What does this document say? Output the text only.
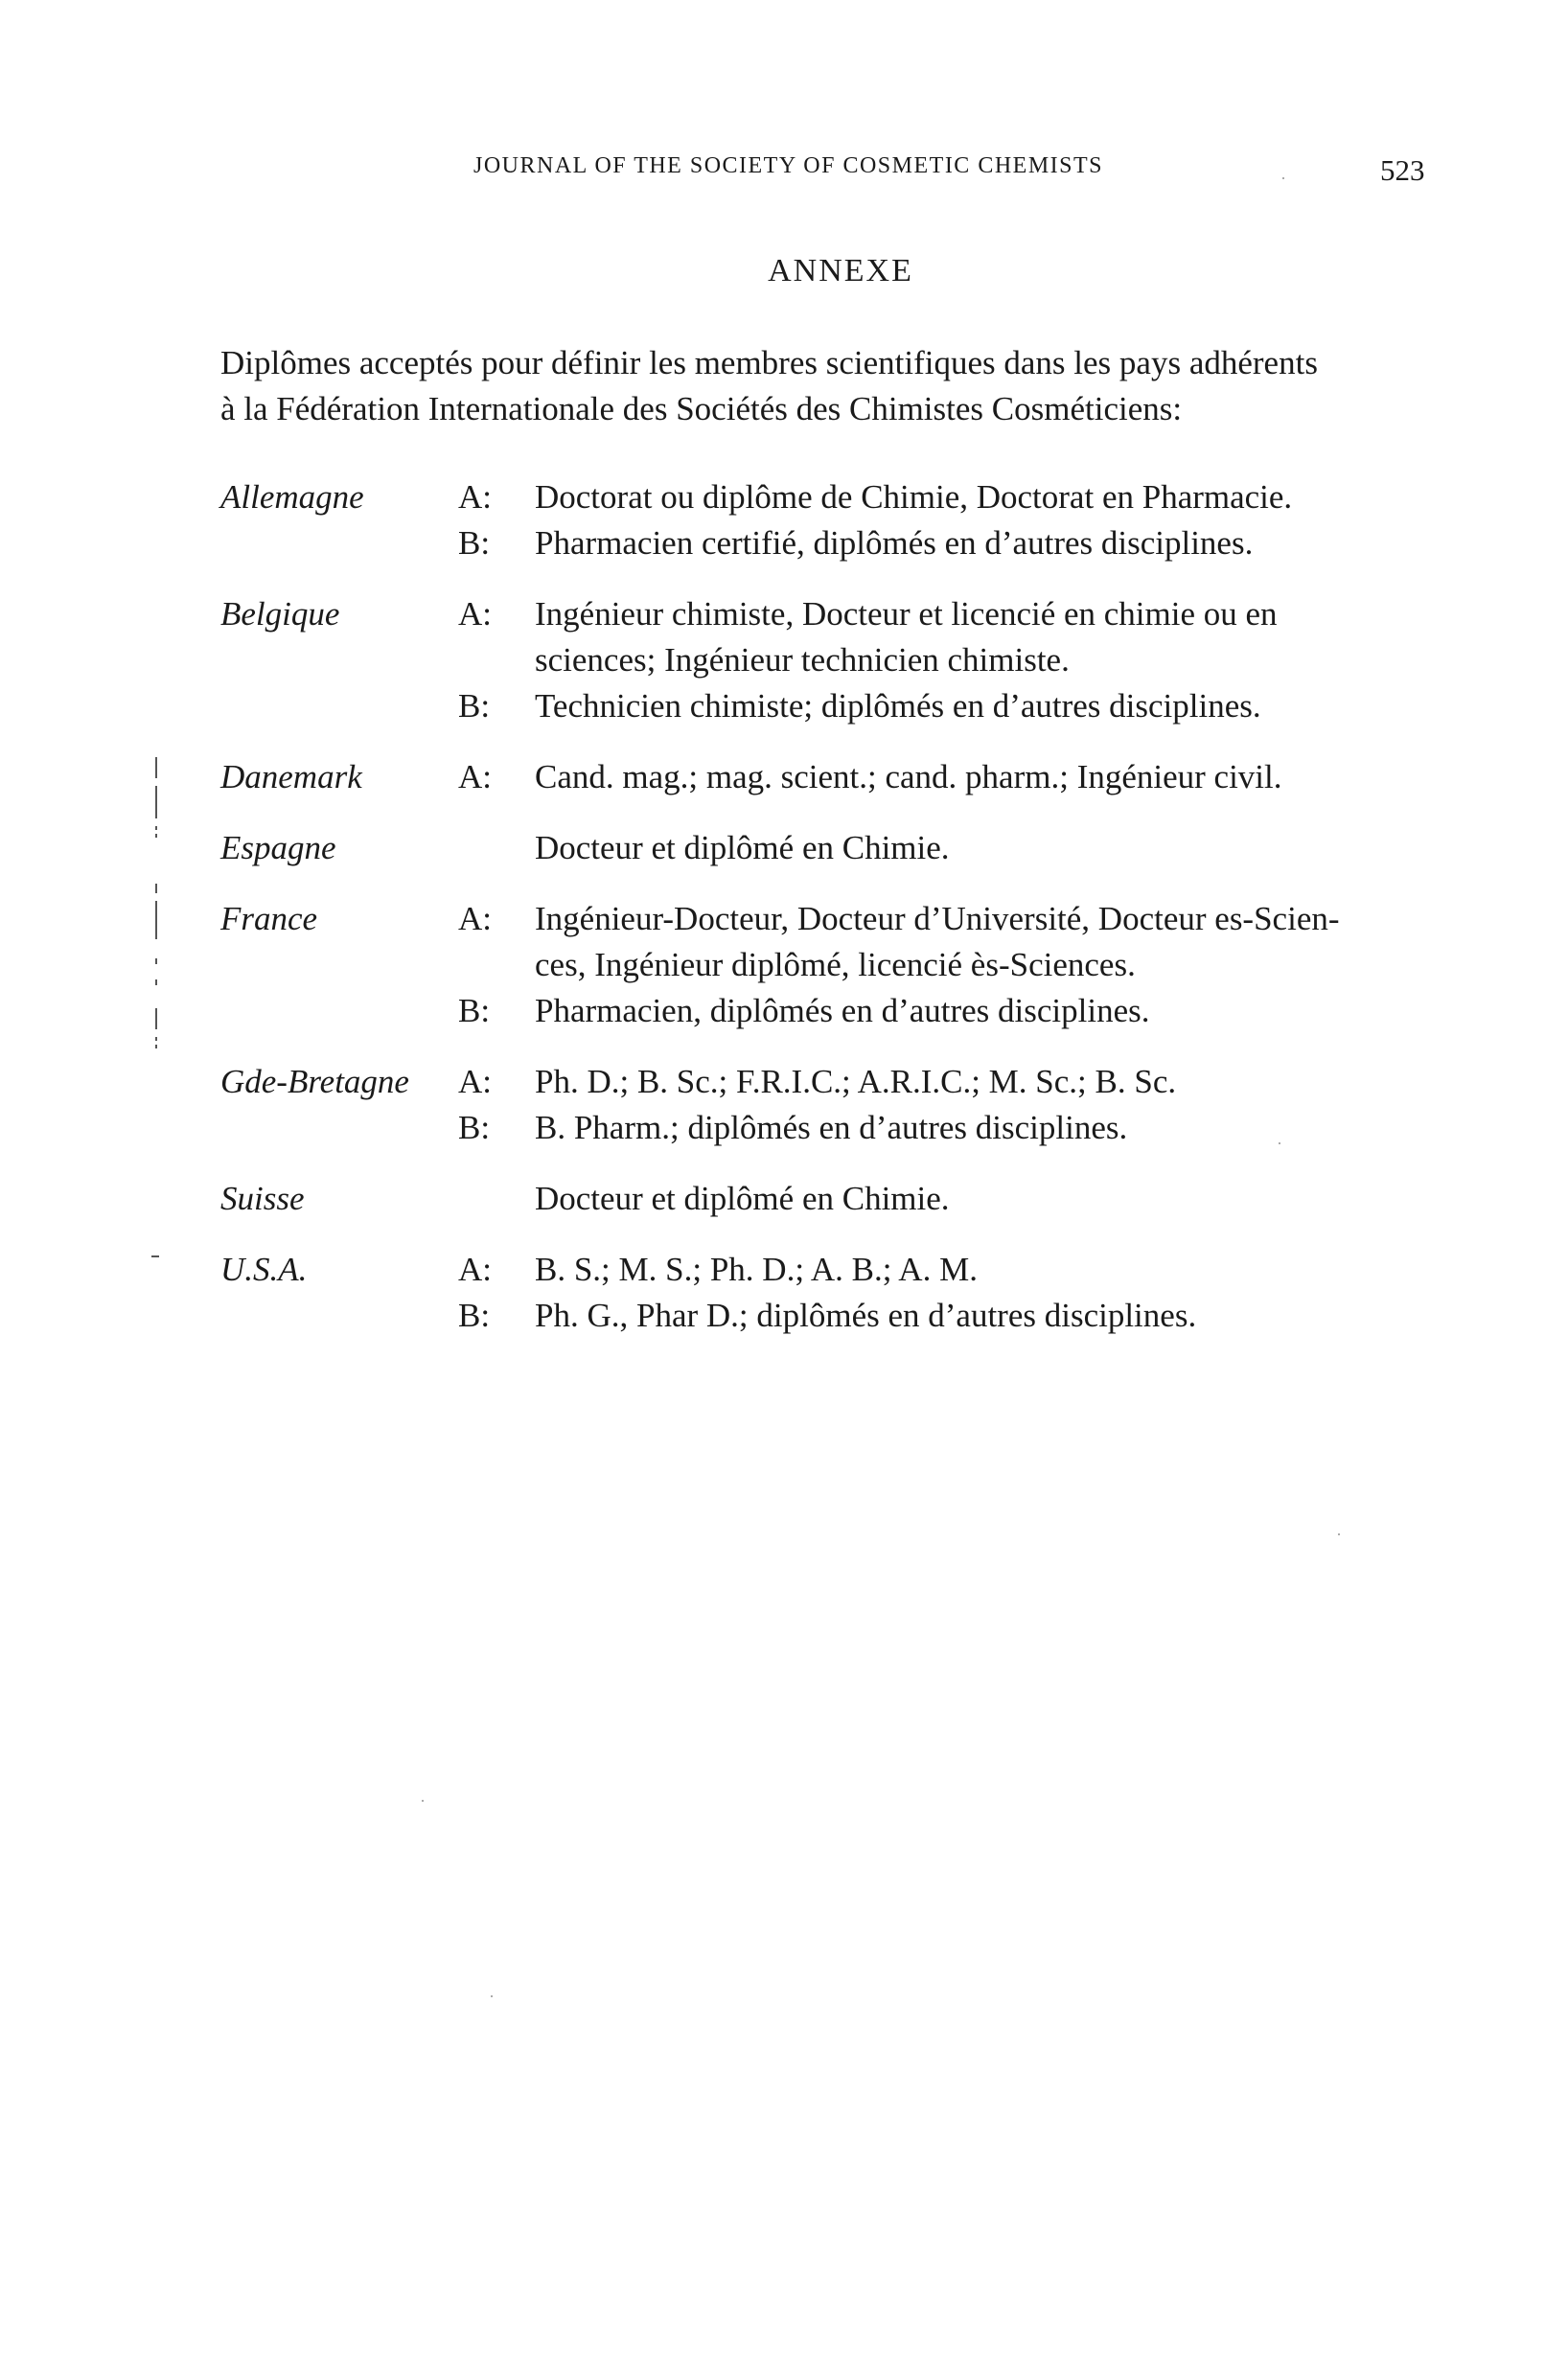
JOURNAL OF THE SOCIETY OF COSMETIC CHEMISTS	523
ANNEXE
Diplômes acceptés pour définir les membres scientifiques dans les pays adhérents
à la Fédération Internationale des Sociétés des Chimistes Cosméticiens:
Allemagne	A:	Doctorat ou diplôme de Chimie, Doctorat en Pharmacie.
B:	Pharmacien certifié, diplômés en d’autres disciplines.
Belgique	A:	Ingénieur chimiste, Docteur et licencié en chimie ou en
sciences; Ingénieur technicien chimiste.
B:	Technicien chimiste; diplômés en d’autres disciplines.
Danemark	A:	Cand. mag.; mag. scient.; cand. pharm.; Ingénieur civil.
Espagne	Docteur et diplômé en Chimie.
France	A:	Ingénieur-Docteur, Docteur d’Université, Docteur es-Scien-
ces, Ingénieur diplômé, licencié ès-Sciences.
B:	Pharmacien, diplômés en d’autres disciplines.
Gde-Bretagne	A:	Ph. D.; B. Sc.; F.R.I.C.; A.R.I.C.; M. Sc.; B. Sc.
B:	B. Pharm.; diplômés en d’autres disciplines.
Suisse	Docteur et diplômé en Chimie.
U.S.A.	A:	B. S.; M. S.; Ph. D.; A. B.; A. M.
B:	Ph. G., Phar D.; diplômés en d’autres disciplines.
